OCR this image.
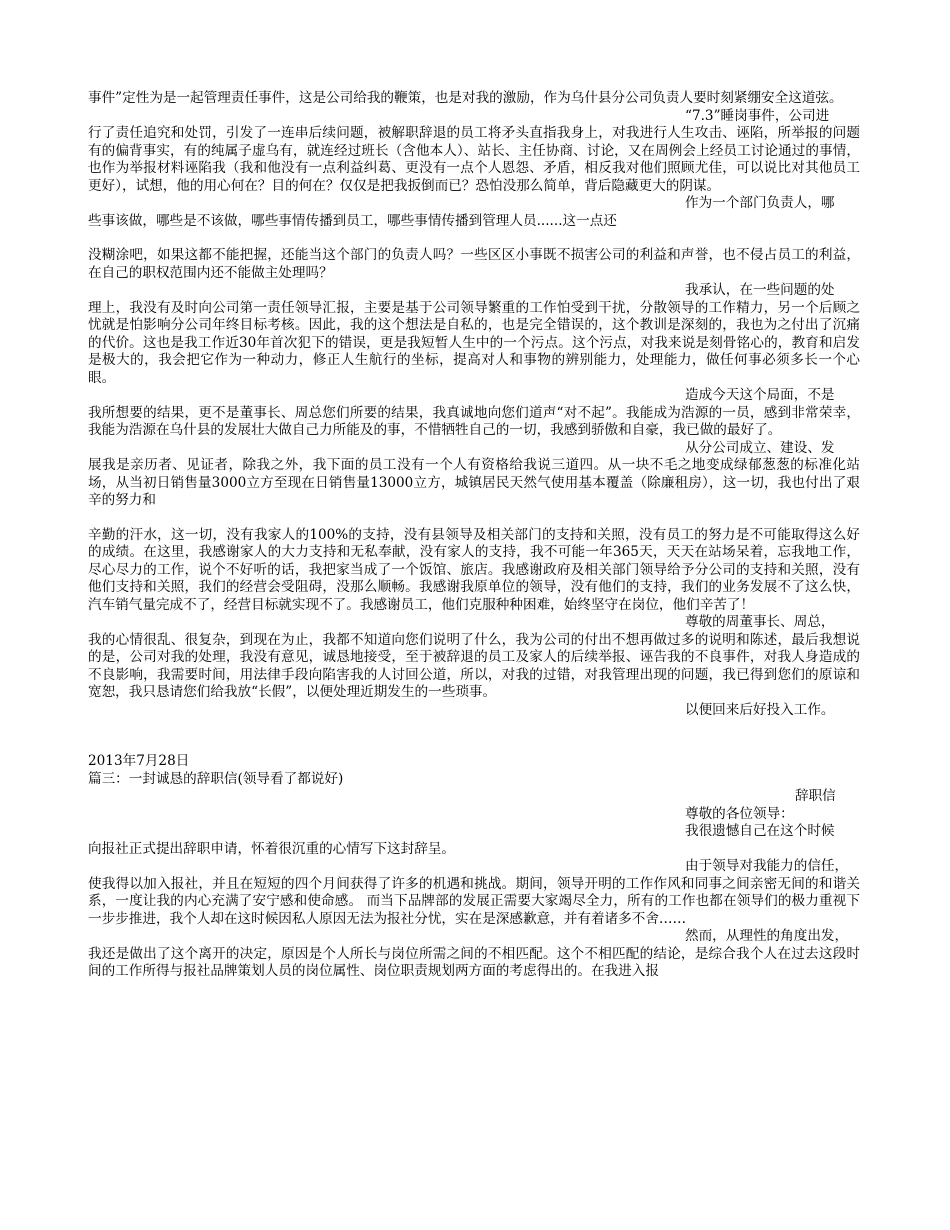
事件”定性为是一起管理责任事件，这是公司给我的鞭策，也是对我的激励，作为乌什县分公司负责人要时刻紧绷安全这道弦。

“7.3”睡岗事件，公司进
行了责任追究和处罚，引发了一连串后续问题，被解职辞退的员工将矛头直指我身上，对我进行人生攻击、诬陷，所举报的问题有的偏背事实，有的纯属子虚乌有，就连经过班长（含他本人）、站长、主任协商、讨论，又在周例会上经员工讨论通过的事情，也作为举报材料诬陷我（我和他没有一点利益纠葛、更没有一点个人恩怨、矛盾，相反我对他们照顾尤佳，可以说比对其他员工更好），试想，他的用心何在？目的何在？仅仅是把我扳倒而已？恐怕没那么简单，背后隐藏更大的阴谋。

作为一个部门负责人，哪
些事该做，哪些是不该做，哪些事情传播到员工，哪些事情传播到管理人员......这一点还

没糊涂吧，如果这都不能把握，还能当这个部门的负责人吗？一些区区小事既不损害公司的利益和声誉，也不侵占员工的利益，在自己的职权范围内还不能做主处理吗？

我承认，在一些问题的处
理上，我没有及时向公司第一责任领导汇报，主要是基于公司领导繁重的工作怕受到干扰，分散领导的工作精力，另一个后顾之忧就是怕影响分公司年终目标考核。因此，我的这个想法是自私的，也是完全错误的，这个教训是深刻的，我也为之付出了沉痛的代价。这也是我工作近30年首次犯下的错误，更是我短暂人生中的一个污点。这个污点，对我来说是刻骨铭心的，教育和启发是极大的，我会把它作为一种动力，修正人生航行的坐标，提高对人和事物的辨别能力，处理能力，做任何事必须多长一个心眼。

造成今天这个局面，不是
我所想要的结果，更不是董事长、周总您们所要的结果，我真诚地向您们道声“对不起”。我能成为浩源的一员，感到非常荣幸，我能为浩源在乌什县的发展壮大做自己力所能及的事，不惜牺牲自己的一切，我感到骄傲和自豪，我已做的最好了。

从分公司成立、建设、发
展我是亲历者、见证者，除我之外，我下面的员工没有一个人有资格给我说三道四。从一块不毛之地变成绿郁葱葱的标准化站场，从当初日销售量3000立方至现在日销售量13000立方，城镇居民天然气使用基本覆盖（除廉租房），这一切，我也付出了艰辛的努力和

辛勤的汗水，这一切，没有我家人的100%的支持，没有县领导及相关部门的支持和关照，没有员工的努力是不可能取得这么好的成绩。在这里，我感谢家人的大力支持和无私奉献，没有家人的支持，我不可能一年365天，天天在站场呆着，忘我地工作，尽心尽力的工作，说个不好听的话，我把家当成了一个饭馆、旅店。我感谢政府及相关部门领导给予分公司的支持和关照，没有他们支持和关照，我们的经营会受阻碍，没那么顺畅。我感谢我原单位的领导，没有他们的支持，我们的业务发展不了这么快，汽车销气量完成不了，经营目标就实现不了。我感谢员工，他们克服种种困难，始终坚守在岗位，他们辛苦了！

尊敬的周董事长、周总，
我的心情很乱、很复杂，到现在为止，我都不知道向您们说明了什么，我为公司的付出不想再做过多的说明和陈述，最后我想说的是，公司对我的处理，我没有意见，诚恳地接受，至于被辞退的员工及家人的后续举报、诬告我的不良事件，对我人身造成的不良影响，我需要时间，用法律手段向陷害我的人讨回公道，所以，对我的过错，对我管理出现的问题，我已得到您们的原谅和宽恕，我只恳请您们给我放“长假”，以便处理近期发生的一些琐事。

以便回来后好投入工作。

2013年7月28日

篇三：一封诚恳的辞职信(领导看了都说好)

辞职信

尊敬的各位领导：

我很遗憾自己在这个时候
向报社正式提出辞职申请，怀着很沉重的心情写下这封辞呈。

由于领导对我能力的信任，
使我得以加入报社，并且在短短的四个月间获得了许多的机遇和挑战。期间，领导开明的工作作风和同事之间亲密无间的和谐关系，一度让我的内心充满了安宁感和使命感。 而当下品牌部的发展正需要大家竭尽全力，所有的工作也都在领导们的极力重视下一步步推进，我个人却在这时候因私人原因无法为报社分忧，实在是深感歉意，并有着诸多不舍……

然而，从理性的角度出发，
我还是做出了这个离开的决定，原因是个人所长与岗位所需之间的不相匹配。这个不相匹配的结论，是综合我个人在过去这段时间的工作所得与报社品牌策划人员的岗位属性、岗位职责规划两方面的考虑得出的。在我进入报
